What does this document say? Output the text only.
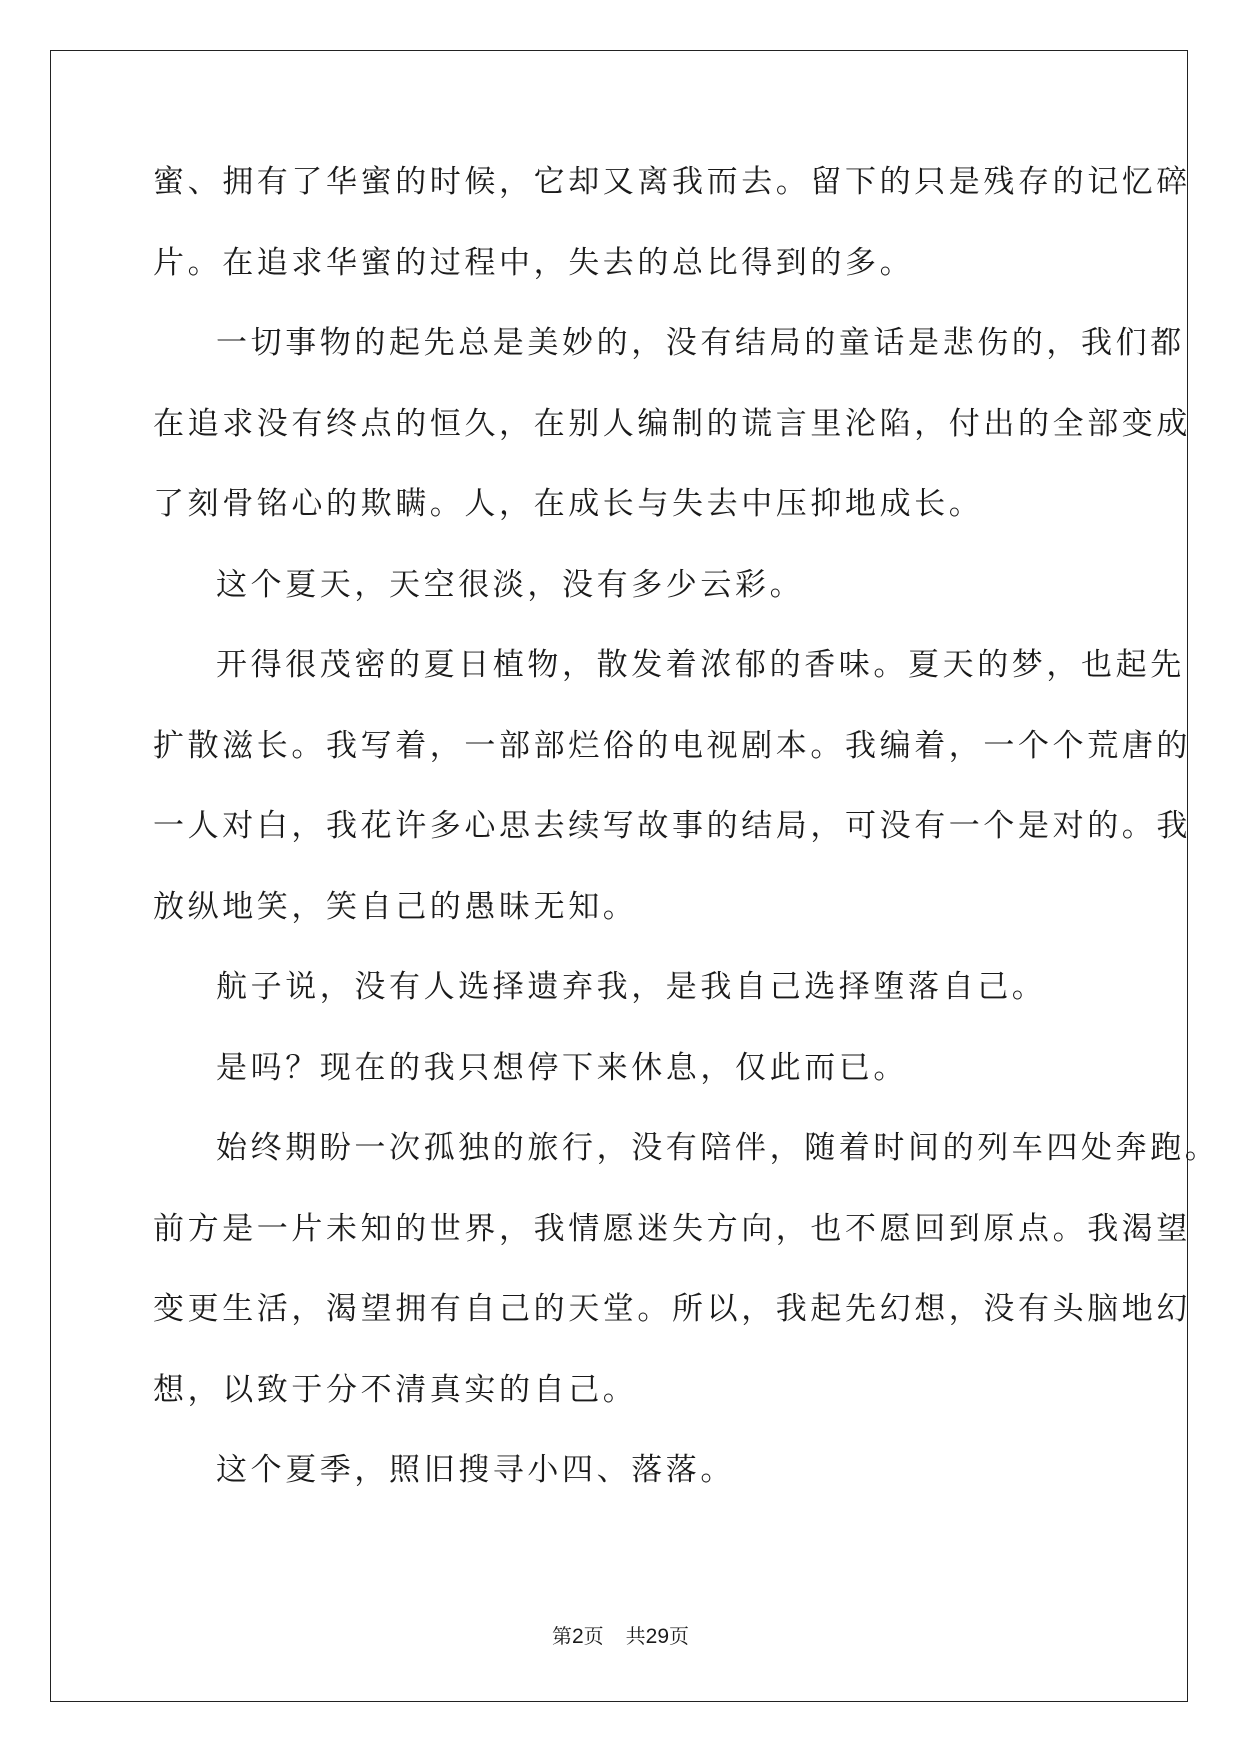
蜜、拥有了华蜜的时候，它却又离我而去。留下的只是残存的记忆碎
片。在追求华蜜的过程中，失去的总比得到的多。
一切事物的起先总是美妙的，没有结局的童话是悲伤的，我们都
在追求没有终点的恒久，在别人编制的谎言里沦陷，付出的全部变成
了刻骨铭心的欺瞒。人，在成长与失去中压抑地成长。
这个夏天，天空很淡，没有多少云彩。
开得很茂密的夏日植物，散发着浓郁的香味。夏天的梦，也起先
扩散滋长。我写着，一部部烂俗的电视剧本。我编着，一个个荒唐的
一人对白，我花许多心思去续写故事的结局，可没有一个是对的。我
放纵地笑，笑自己的愚昧无知。
航子说，没有人选择遗弃我，是我自己选择堕落自己。
是吗？现在的我只想停下来休息，仅此而已。
始终期盼一次孤独的旅行，没有陪伴，随着时间的列车四处奔跑。
前方是一片未知的世界，我情愿迷失方向，也不愿回到原点。我渴望
变更生活，渴望拥有自己的天堂。所以，我起先幻想，没有头脑地幻
想，以致于分不清真实的自己。
这个夏季，照旧搜寻小四、落落。
第2页 共29页
